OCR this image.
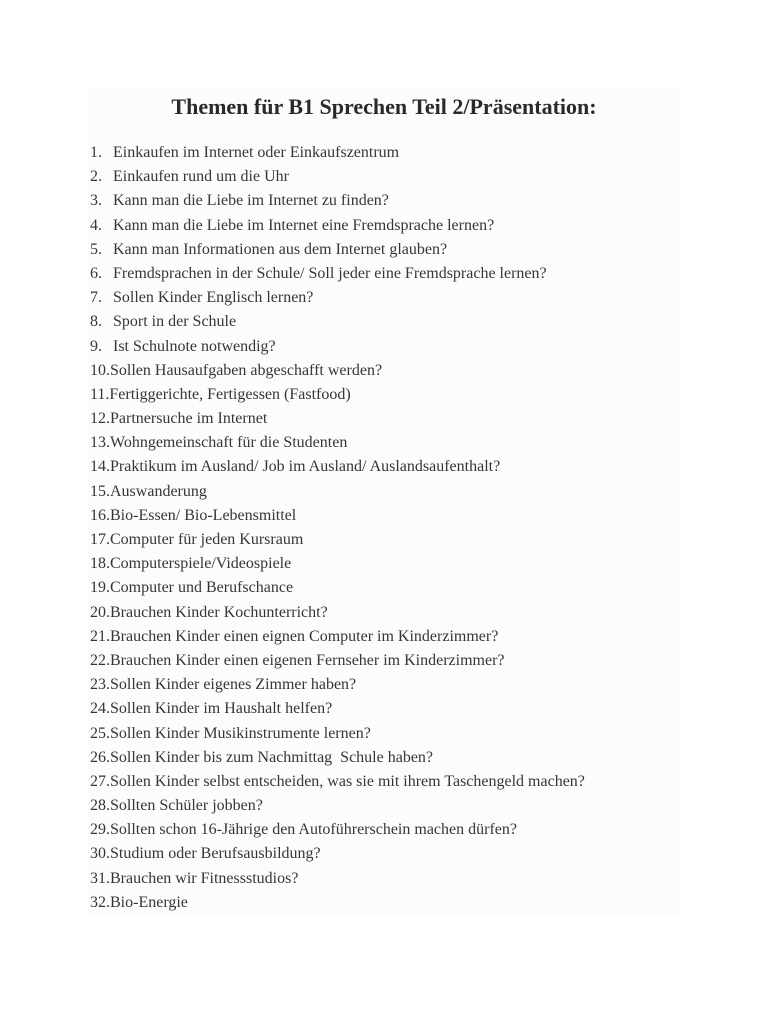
Themen für B1 Sprechen Teil 2/Präsentation:
1. Einkaufen im Internet oder Einkaufszentrum
2. Einkaufen rund um die Uhr
3. Kann man die Liebe im Internet zu finden?
4. Kann man die Liebe im Internet eine Fremdsprache lernen?
5. Kann man Informationen aus dem Internet glauben?
6. Fremdsprachen in der Schule/ Soll jeder eine Fremdsprache lernen?
7. Sollen Kinder Englisch lernen?
8. Sport in der Schule
9. Ist Schulnote notwendig?
10.Sollen Hausaufgaben abgeschafft werden?
11.Fertiggerichte, Fertigessen (Fastfood)
12.Partnersuche im Internet
13.Wohngemeinschaft für die Studenten
14.Praktikum im Ausland/ Job im Ausland/ Auslandsaufenthalt?
15.Auswanderung
16.Bio-Essen/ Bio-Lebensmittel
17.Computer für jeden Kursraum
18.Computerspiele/Videospiele
19.Computer und Berufschance
20.Brauchen Kinder Kochunterricht?
21.Brauchen Kinder einen eignen Computer im Kinderzimmer?
22.Brauchen Kinder einen eigenen Fernseher im Kinderzimmer?
23.Sollen Kinder eigenes Zimmer haben?
24.Sollen Kinder im Haushalt helfen?
25.Sollen Kinder Musikinstrumente lernen?
26.Sollen Kinder bis zum Nachmittag  Schule haben?
27.Sollen Kinder selbst entscheiden, was sie mit ihrem Taschengeld machen?
28.Sollten Schüler jobben?
29.Sollten schon 16-Jährige den Autoführerschein machen dürfen?
30.Studium oder Berufsausbildung?
31.Brauchen wir Fitnessstudios?
32.Bio-Energie
